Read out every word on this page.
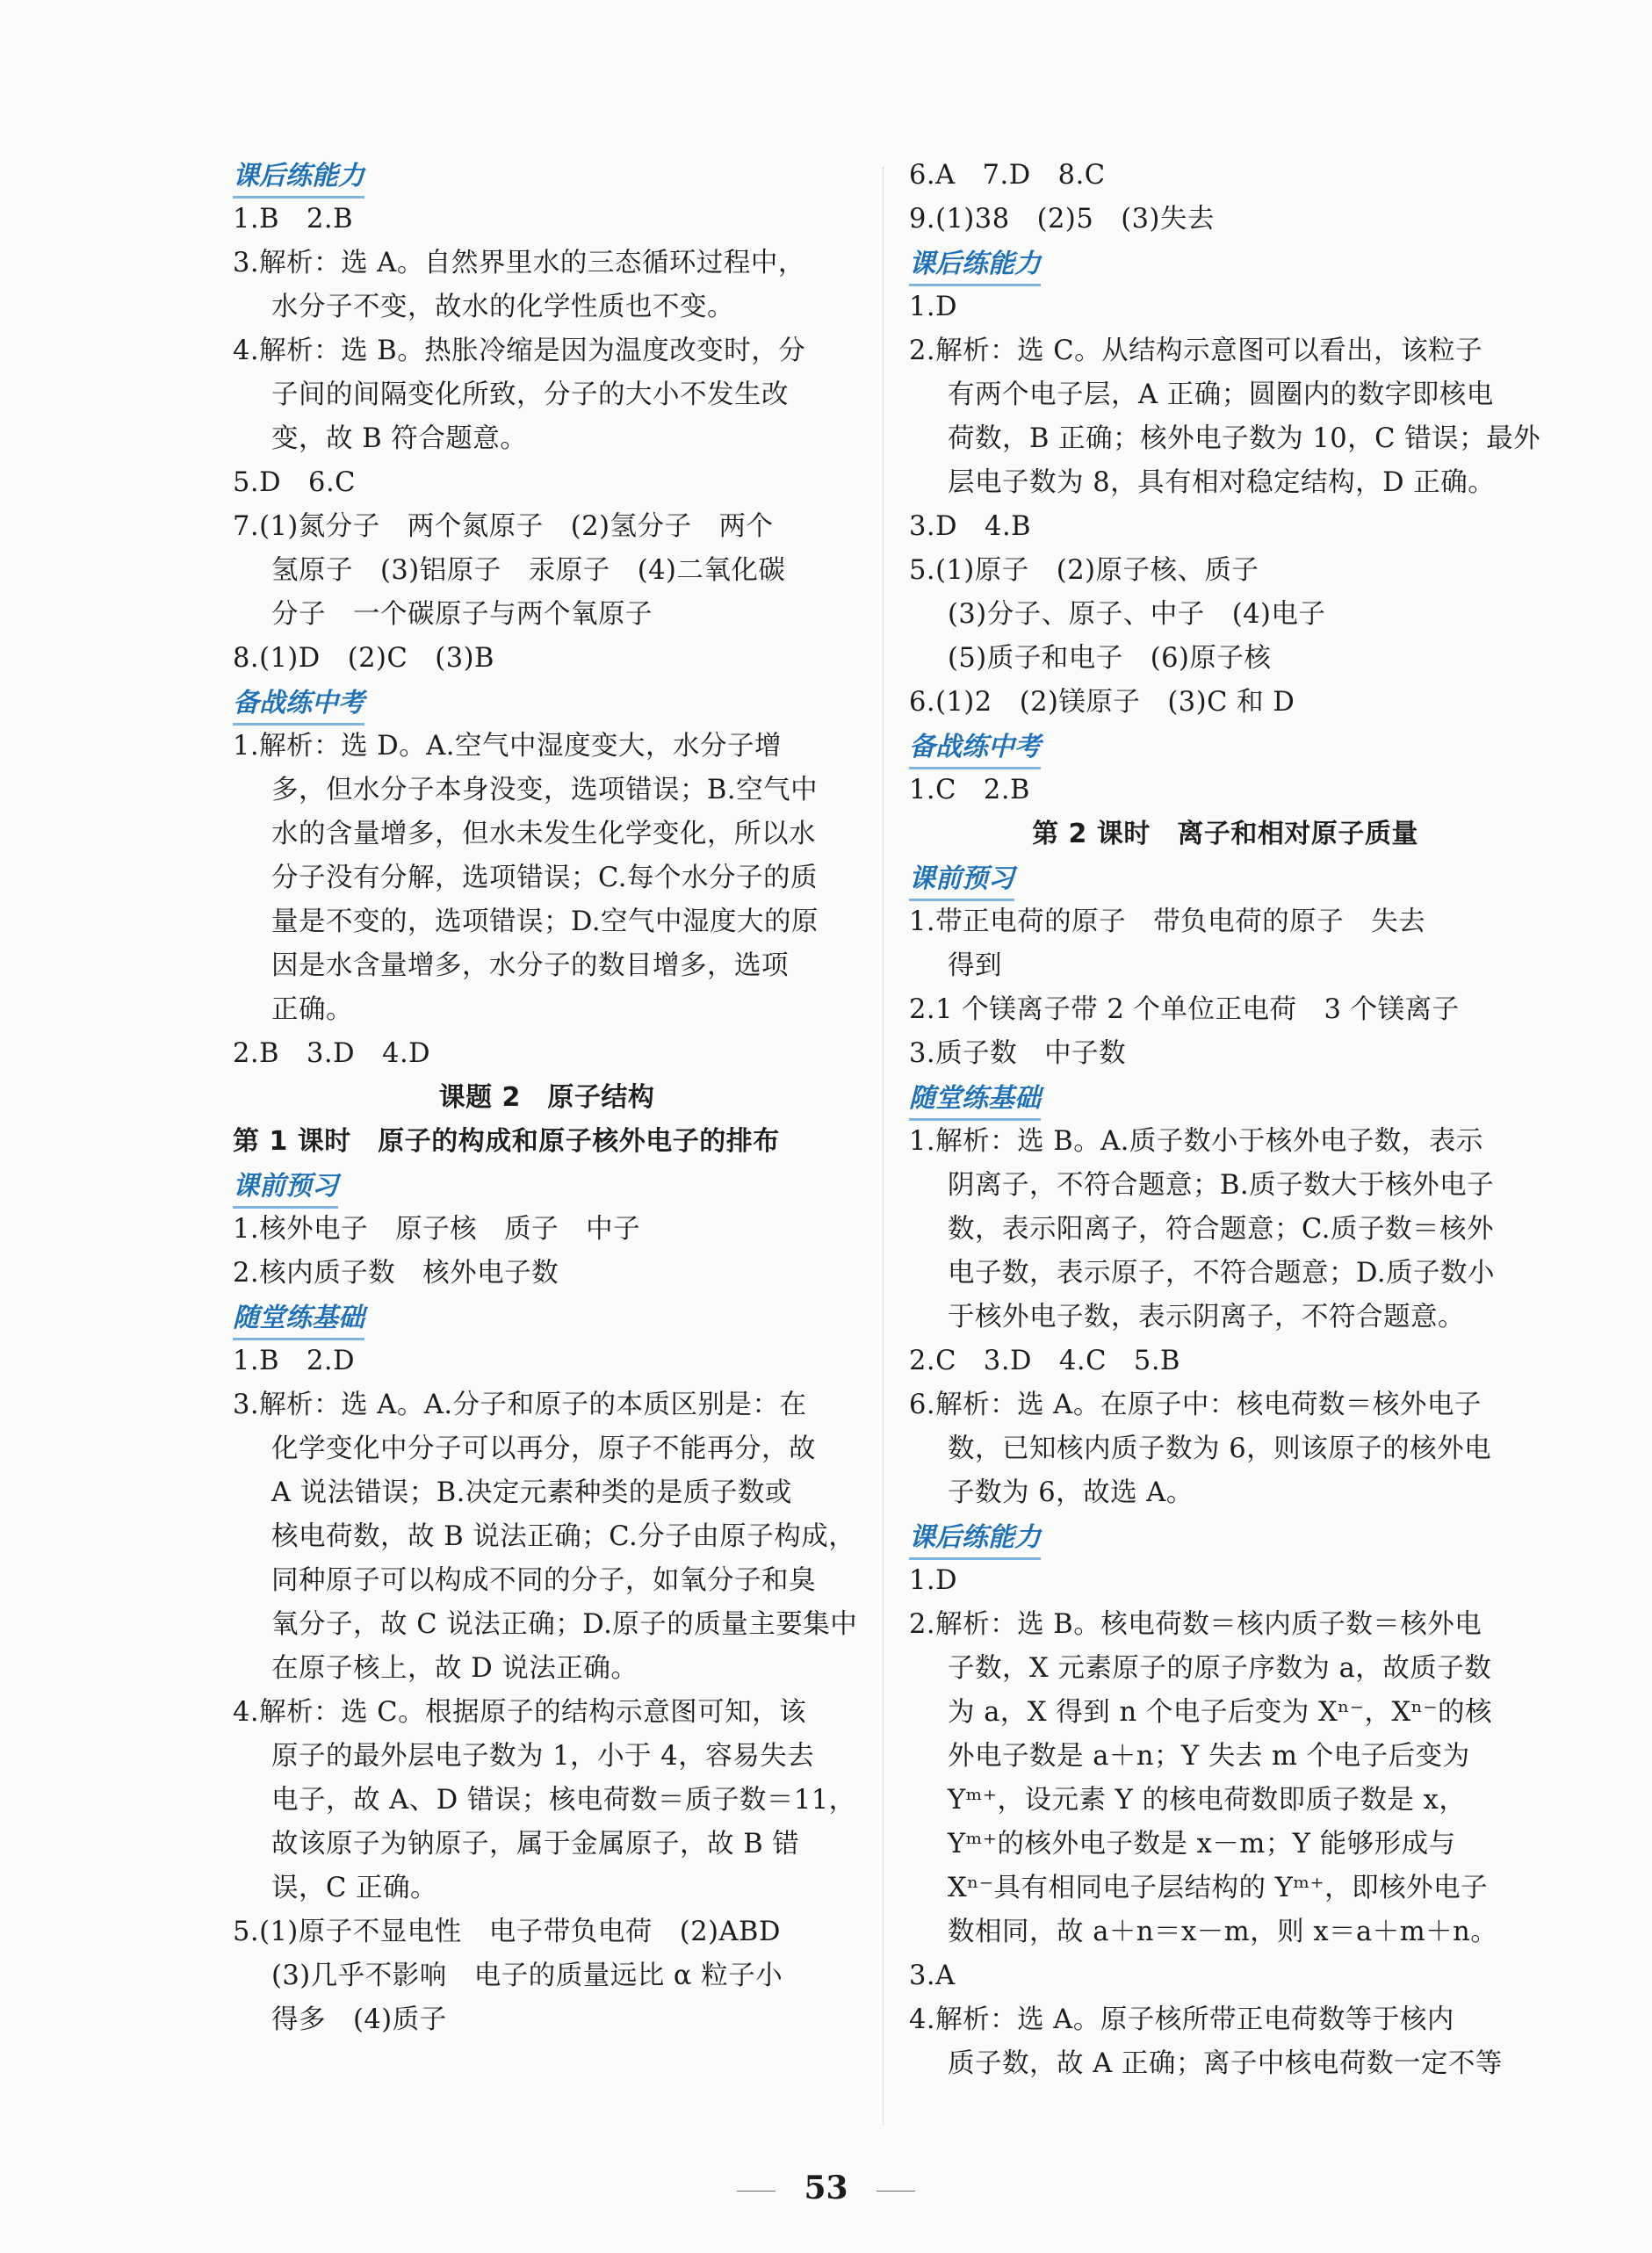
课后练能力
1.B　2.B
3.解析：选 A。自然界里水的三态循环过程中，
水分子不变，故水的化学性质也不变。
4.解析：选 B。热胀冷缩是因为温度改变时，分
子间的间隔变化所致，分子的大小不发生改
变，故 B 符合题意。
5.D　6.C
7.(1)氮分子　两个氮原子　(2)氢分子　两个
氢原子　(3)铝原子　汞原子　(4)二氧化碳
分子　一个碳原子与两个氧原子
8.(1)D　(2)C　(3)B
备战练中考
1.解析：选 D。A.空气中湿度变大，水分子增
多，但水分子本身没变，选项错误；B.空气中
水的含量增多，但水未发生化学变化，所以水
分子没有分解，选项错误；C.每个水分子的质
量是不变的，选项错误；D.空气中湿度大的原
因是水含量增多，水分子的数目增多，选项
正确。
2.B　3.D　4.D
课题 2　原子结构
第 1 课时　原子的构成和原子核外电子的排布
课前预习
1.核外电子　原子核　质子　中子
2.核内质子数　核外电子数
随堂练基础
1.B　2.D
3.解析：选 A。A.分子和原子的本质区别是：在
化学变化中分子可以再分，原子不能再分，故
A 说法错误；B.决定元素种类的是质子数或
核电荷数，故 B 说法正确；C.分子由原子构成，
同种原子可以构成不同的分子，如氧分子和臭
氧分子，故 C 说法正确；D.原子的质量主要集中
在原子核上，故 D 说法正确。
4.解析：选 C。根据原子的结构示意图可知，该
原子的最外层电子数为 1，小于 4，容易失去
电子，故 A、D 错误；核电荷数＝质子数＝11，
故该原子为钠原子，属于金属原子，故 B 错
误，C 正确。
5.(1)原子不显电性　电子带负电荷　(2)ABD
(3)几乎不影响　电子的质量远比 α 粒子小
得多　(4)质子
6.A　7.D　8.C
9.(1)38　(2)5　(3)失去
课后练能力
1.D
2.解析：选 C。从结构示意图可以看出，该粒子
有两个电子层，A 正确；圆圈内的数字即核电
荷数，B 正确；核外电子数为 10，C 错误；最外
层电子数为 8，具有相对稳定结构，D 正确。
3.D　4.B
5.(1)原子　(2)原子核、质子
(3)分子、原子、中子　(4)电子
(5)质子和电子　(6)原子核
6.(1)2　(2)镁原子　(3)C 和 D
备战练中考
1.C　2.B
第 2 课时　离子和相对原子质量
课前预习
1.带正电荷的原子　带负电荷的原子　失去
得到
2.1 个镁离子带 2 个单位正电荷　3 个镁离子
3.质子数　中子数
随堂练基础
1.解析：选 B。A.质子数小于核外电子数，表示
阴离子，不符合题意；B.质子数大于核外电子
数，表示阳离子，符合题意；C.质子数＝核外
电子数，表示原子，不符合题意；D.质子数小
于核外电子数，表示阴离子，不符合题意。
2.C　3.D　4.C　5.B
6.解析：选 A。在原子中：核电荷数＝核外电子
数，已知核内质子数为 6，则该原子的核外电
子数为 6，故选 A。
课后练能力
1.D
2.解析：选 B。核电荷数＝核内质子数＝核外电
子数，X 元素原子的原子序数为 a，故质子数
为 a，X 得到 n 个电子后变为 Xⁿ⁻，Xⁿ⁻的核
外电子数是 a＋n；Y 失去 m 个电子后变为
Yᵐ⁺，设元素 Y 的核电荷数即质子数是 x，
Yᵐ⁺的核外电子数是 x－m；Y 能够形成与
Xⁿ⁻具有相同电子层结构的 Yᵐ⁺，即核外电子
数相同，故 a＋n＝x－m，则 x＝a＋m＋n。
3.A
4.解析：选 A。原子核所带正电荷数等于核内
质子数，故 A 正确；离子中核电荷数一定不等
53
